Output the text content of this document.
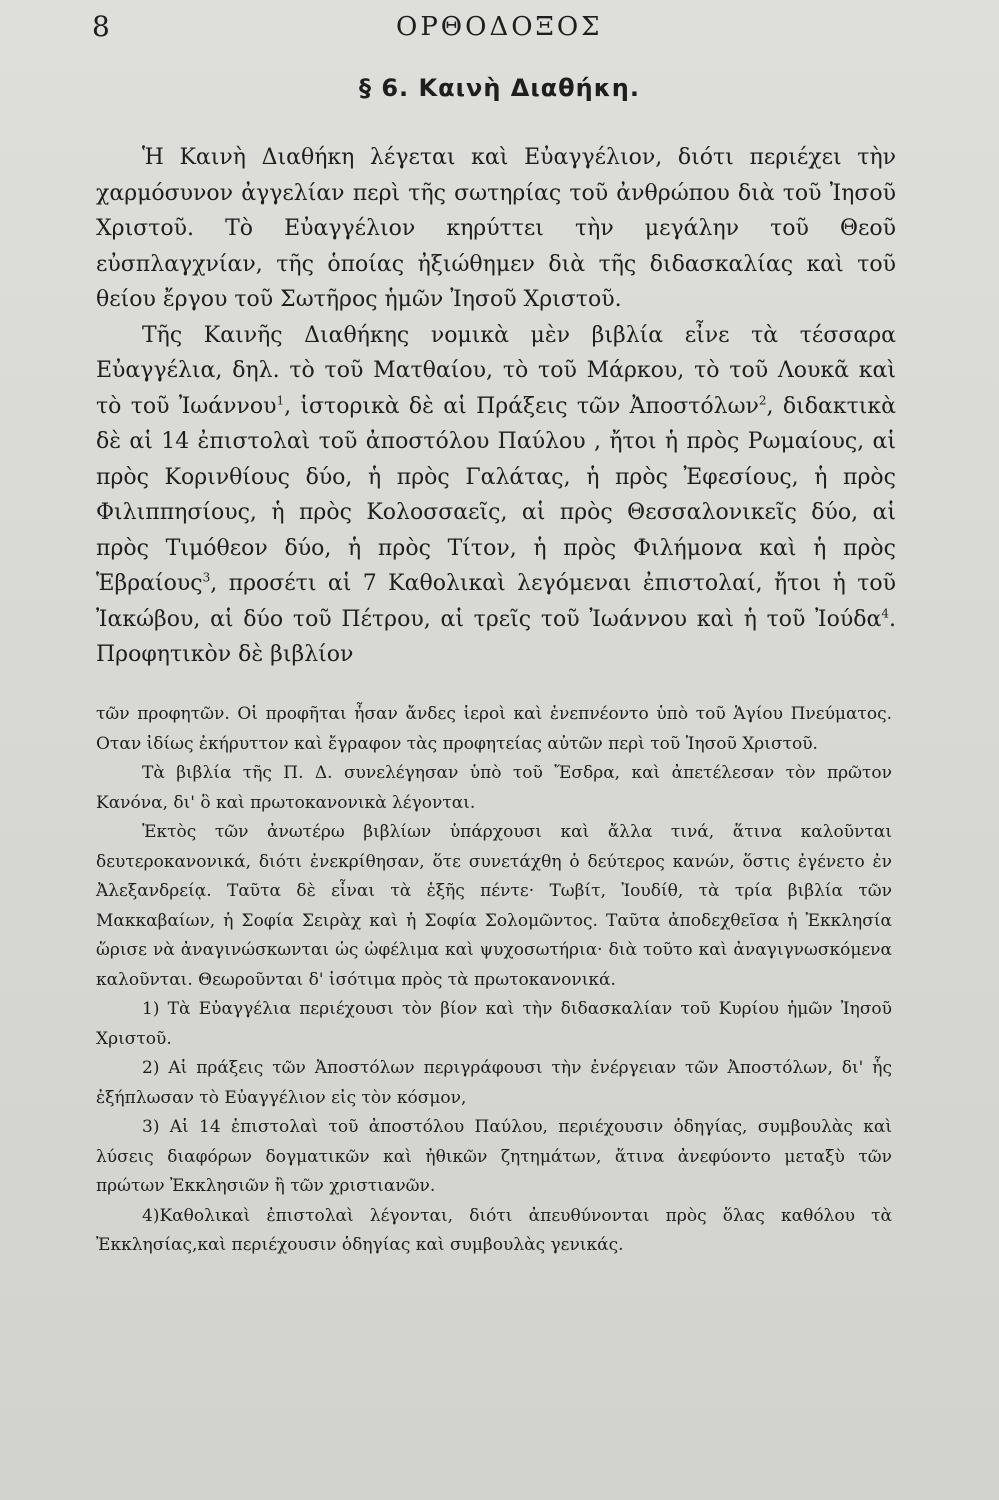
8	ΟΡΘΟΔΟΞΟΣ
§ 6. Καινὴ Διαθήκη.

Ἡ Καινὴ Διαθήκη λέγεται καὶ Εὐαγγέλιον, διότι περιέχει τὴν χαρμόσυνον ἀγγελίαν περὶ τῆς σωτηρίας τοῦ ἀνθρώπου διὰ τοῦ Ἰησοῦ Χριστοῦ. Τὸ Εὐαγγέλιον κηρύττει τὴν μεγάλην τοῦ Θεοῦ εὐσπλαγχνίαν, τῆς ὁποίας ἠξιώθημεν διὰ τῆς διδασκαλίας καὶ τοῦ θείου ἔργου τοῦ Σωτῆρος ἡμῶν Ἰησοῦ Χριστοῦ.

Τῆς Καινῆς Διαθήκης νομικὰ μὲν βιβλία εἶνε τὰ τέσσαρα Εὐαγγέλια, δηλ. τὸ τοῦ Ματθαίου, τὸ τοῦ Μάρκου, τὸ τοῦ Λουκᾶ καὶ τὸ τοῦ Ἰωάννου$^1$, ἱστορικὰ δὲ αἱ Πράξεις τῶν Ἀποστόλων$^2$, διδακτικὰ δὲ αἱ 14 ἐπιστολαὶ τοῦ ἀποστόλου Παύλου , ἤτοι ἡ πρὸς Ρωμαίους, αἱ πρὸς Κορινθίους δύο, ἡ πρὸς Γαλάτας, ἡ πρὸς Ἐφεσίους, ἡ πρὸς Φιλιππησίους, ἡ πρὸς Κολοσσαεῖς, αἱ πρὸς Θεσσαλονικεῖς δύο, αἱ πρὸς Τιμόθεον δύο, ἡ πρὸς Τίτον, ἡ πρὸς Φιλήμονα καὶ ἡ πρὸς Ἑβραίους$^3$, προσέτι αἱ 7 Καθολικαὶ λεγόμεναι ἐπιστολαί, ἤτοι ἡ τοῦ Ἰακώβου, αἱ δύο τοῦ Πέτρου, αἱ τρεῖς τοῦ Ἰωάννου καὶ ἡ τοῦ Ἰούδα$^4$. Προφητικὸν δὲ βιβλίον

τῶν προφητῶν. Οἱ προφῆται ἦσαν ἄνδες ἱεροὶ καὶ ἐνεπνέοντο ὑπὸ τοῦ Ἁγίου Πνεύματος. Οταν ἰδίως ἐκήρυττον καὶ ἔγραφον τὰς προφητείας αὐτῶν περὶ τοῦ Ἰησοῦ Χριστοῦ.

Τὰ βιβλία τῆς Π. Δ. συνελέγησαν ὑπὸ τοῦ Ἔσδρα, καὶ ἀπετέλεσαν τὸν πρῶτον Κανόνα, δι' ὃ καὶ πρωτοκανονικὰ λέγονται.

Ἐκτὸς τῶν ἀνωτέρω βιβλίων ὑπάρχουσι καὶ ἄλλα τινά, ἅτινα καλοῦνται δευτεροκανονικά, διότι ἐνεκρίθησαν, ὅτε συνετάχθη ὁ δεύτερος κανών, ὅστις ἐγένετο ἐν Ἀλεξανδρείᾳ. Ταῦτα δὲ εἶναι τὰ ἑξῆς πέντε· Τωβίτ, Ἰουδίθ, τὰ τρία βιβλία τῶν Μακκαβαίων, ἡ Σοφία Σειρὰχ καὶ ἡ Σοφία Σολομῶντος. Ταῦτα ἀποδεχθεῖσα ἡ Ἐκκλησία ὥρισε νὰ ἀναγινώσκωνται ὡς ὠφέλιμα καὶ ψυχοσωτήρια· διὰ τοῦτο καὶ ἀναγιγνωσκόμενα καλοῦνται. Θεωροῦνται δ' ἰσότιμα πρὸς τὰ πρωτοκανονικά.

1) Τὰ Εὐαγγέλια περιέχουσι τὸν βίον καὶ τὴν διδασκαλίαν τοῦ Κυρίου ἡμῶν Ἰησοῦ Χριστοῦ.

2) Αἱ πράξεις τῶν Ἀποστόλων περιγράφουσι τὴν ἐνέργειαν τῶν Ἀποστόλων, δι' ἧς ἐξήπλωσαν τὸ Εὐαγγέλιον εἰς τὸν κόσμον,

3) Αἱ 14 ἐπιστολαὶ τοῦ ἀποστόλου Παύλου, περιέχουσιν ὁδηγίας, συμβουλὰς καὶ λύσεις διαφόρων δογματικῶν καὶ ἠθικῶν ζητημάτων, ἅτινα ἀνεφύοντο μεταξὺ τῶν πρώτων Ἐκκλησιῶν ἢ τῶν χριστιανῶν.

4)Καθολικαὶ ἐπιστολαὶ λέγονται, διότι ἀπευθύνονται πρὸς ὅλας καθόλου τὰ Ἐκκλησίας,καὶ περιέχουσιν ὁδηγίας καὶ συμβουλὰς γενικάς.
